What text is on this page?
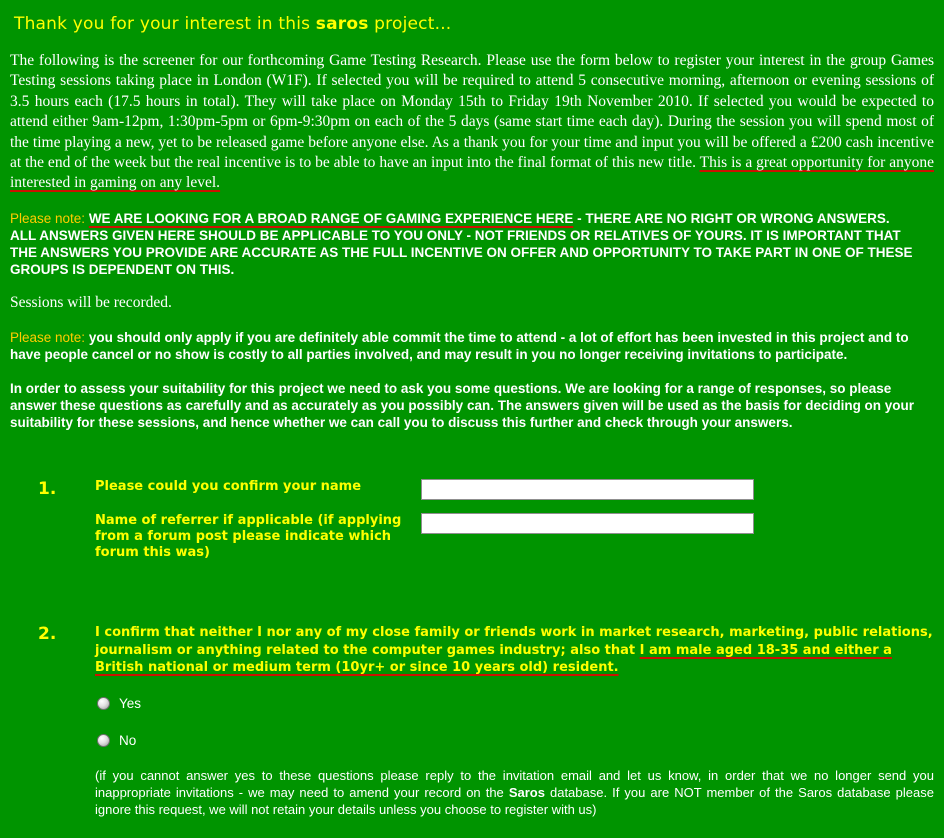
Thank you for your interest in this saros project...
The following is the screener for our forthcoming Game Testing Research. Please use the form below to register your interest in the group Games Testing sessions taking place in London (W1F). If selected you will be required to attend 5 consecutive morning, afternoon or evening sessions of 3.5 hours each (17.5 hours in total). They will take place on Monday 15th to Friday 19th November 2010. If selected you would be expected to attend either 9am-12pm, 1:30pm-5pm or 6pm-9:30pm on each of the 5 days (same start time each day). During the session you will spend most of the time playing a new, yet to be released game before anyone else. As a thank you for your time and input you will be offered a £200 cash incentive at the end of the week but the real incentive is to be able to have an input into the final format of this new title. This is a great opportunity for anyone interested in gaming on any level.
Please note: WE ARE LOOKING FOR A BROAD RANGE OF GAMING EXPERIENCE HERE - THERE ARE NO RIGHT OR WRONG ANSWERS. ALL ANSWERS GIVEN HERE SHOULD BE APPLICABLE TO YOU ONLY - NOT FRIENDS OR RELATIVES OF YOURS. IT IS IMPORTANT THAT THE ANSWERS YOU PROVIDE ARE ACCURATE AS THE FULL INCENTIVE ON OFFER AND OPPORTUNITY TO TAKE PART IN ONE OF THESE GROUPS IS DEPENDENT ON THIS.
Sessions will be recorded.
Please note: you should only apply if you are definitely able commit the time to attend - a lot of effort has been invested in this project and to have people cancel or no show is costly to all parties involved, and may result in you no longer receiving invitations to participate.
In order to assess your suitability for this project we need to ask you some questions. We are looking for a range of responses, so please answer these questions as carefully and as accurately as you possibly can. The answers given will be used as the basis for deciding on your suitability for these sessions, and hence whether we can call you to discuss this further and check through your answers.
1.	Please could you confirm your name
Name of referrer if applicable (if applying from a forum post please indicate which forum this was)
2.	I confirm that neither I nor any of my close family or friends work in market research, marketing, public relations, journalism or anything related to the computer games industry; also that I am male aged 18-35 and either a British national or medium term (10yr+ or since 10 years old) resident.
Yes
No
(if you cannot answer yes to these questions please reply to the invitation email and let us know, in order that we no longer send you inappropriate invitations - we may need to amend your record on the Saros database. If you are NOT member of the Saros database please ignore this request, we will not retain your details unless you choose to register with us)
